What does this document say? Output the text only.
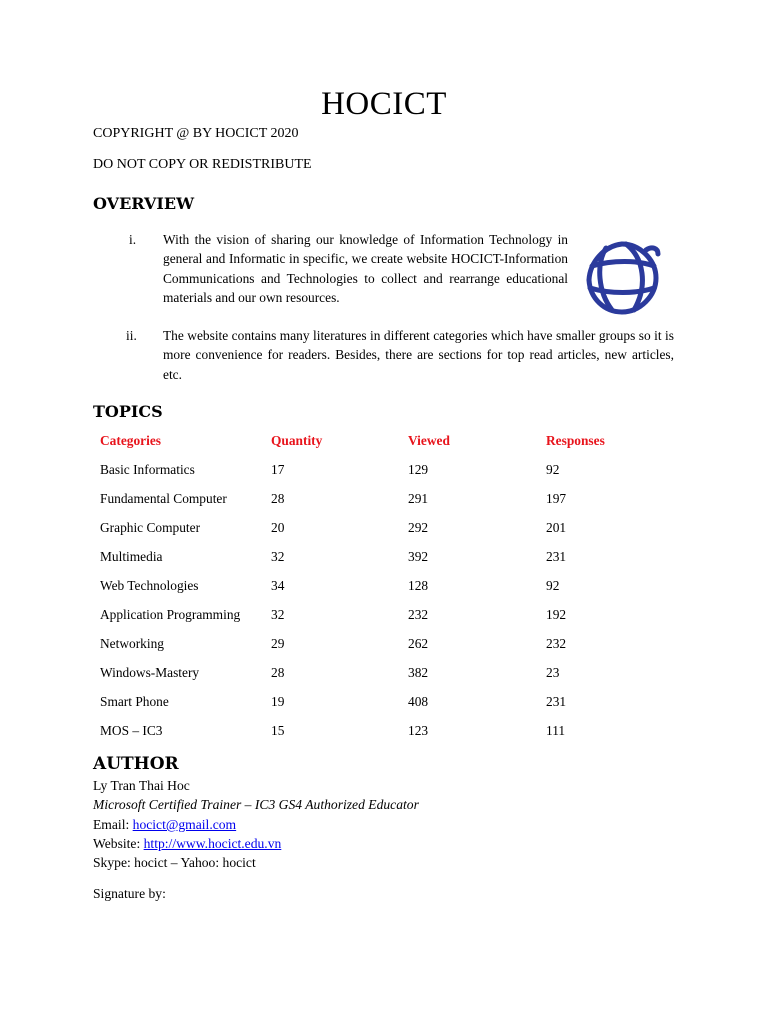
HOCICT
COPYRIGHT @ BY HOCICT 2020
DO NOT COPY OR REDISTRIBUTE
OVERVIEW
i. With the vision of sharing our knowledge of Information Technology in general and Informatic in specific, we create website HOCICT-Information Communications and Technologies to collect and rearrange educational materials and our own resources.
ii. The website contains many literatures in different categories which have smaller groups so it is more convenience for readers. Besides, there are sections for top read articles, new articles, etc.
TOPICS
Categories	Quantity	Viewed	Responses
Basic Informatics	17	129	92
Fundamental Computer	28	291	197
Graphic Computer	20	292	201
Multimedia	32	392	231
Web Technologies	34	128	92
Application Programming	32	232	192
Networking	29	262	232
Windows-Mastery	28	382	23
Smart Phone	19	408	231
MOS – IC3	15	123	111
AUTHOR
Ly Tran Thai Hoc
Microsoft Certified Trainer – IC3 GS4 Authorized Educator
Email: hocict@gmail.com
Website: http://www.hocict.edu.vn
Skype: hocict – Yahoo: hocict
Signature by:
